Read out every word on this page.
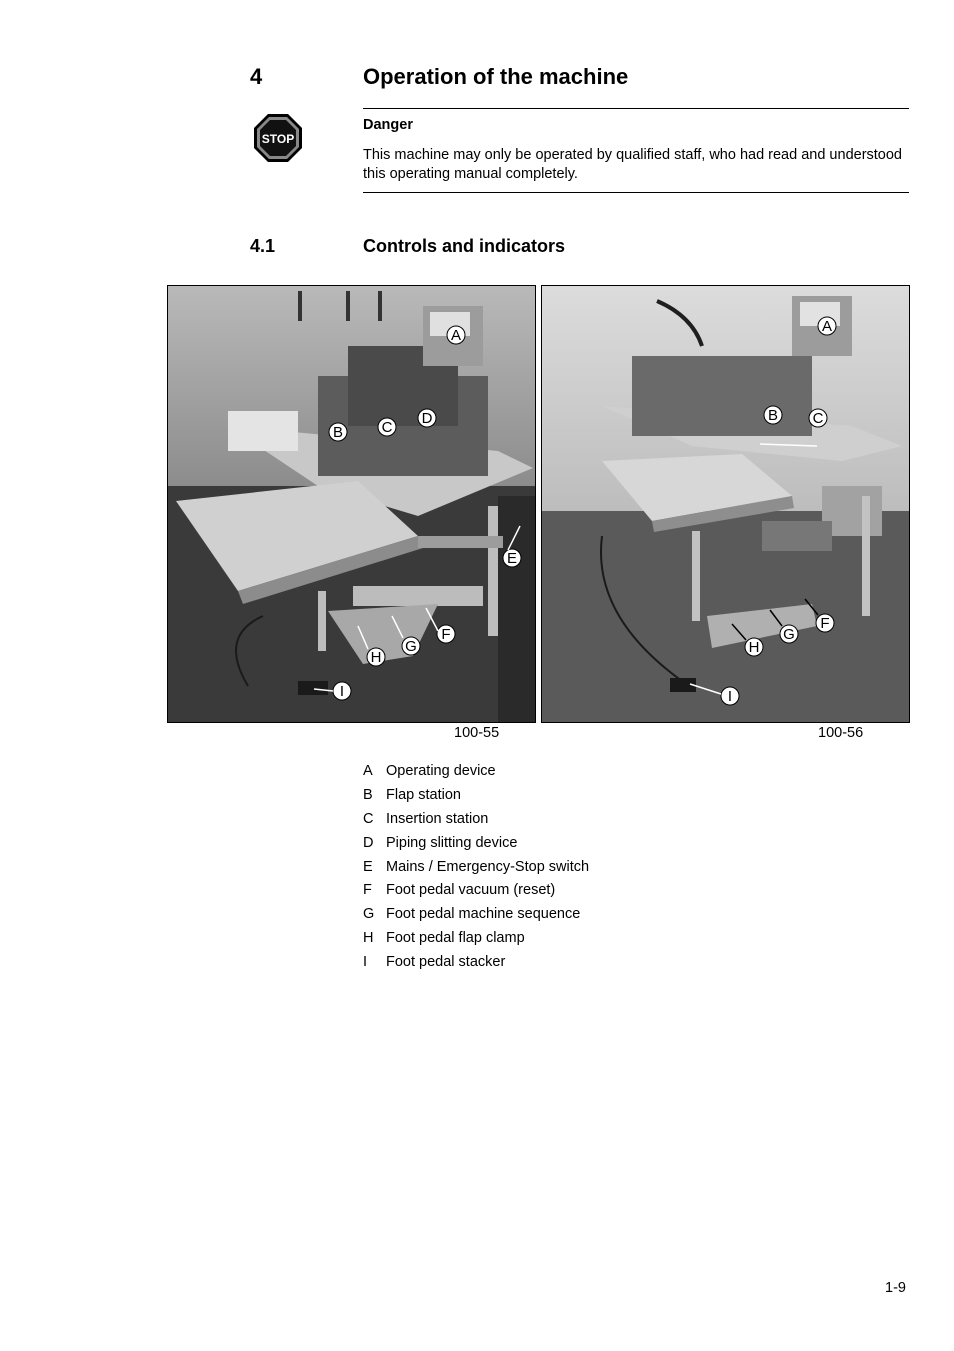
4	Operation of the machine
STOP
Danger
This machine may only be operated by qualified staff, who had read and understood this operating manual completely.
4.1	Controls and indicators
A
B	C
D
E
F
G
H
I
A
B C
F
G
H
I
100-55	100-56
A Operating device
B Flap station
C Insertion station
D Piping slitting device
E Mains / Emergency-Stop switch
F Foot pedal vacuum (reset)
G Foot pedal machine sequence
H Foot pedal flap clamp
I Foot pedal stacker
1-9
